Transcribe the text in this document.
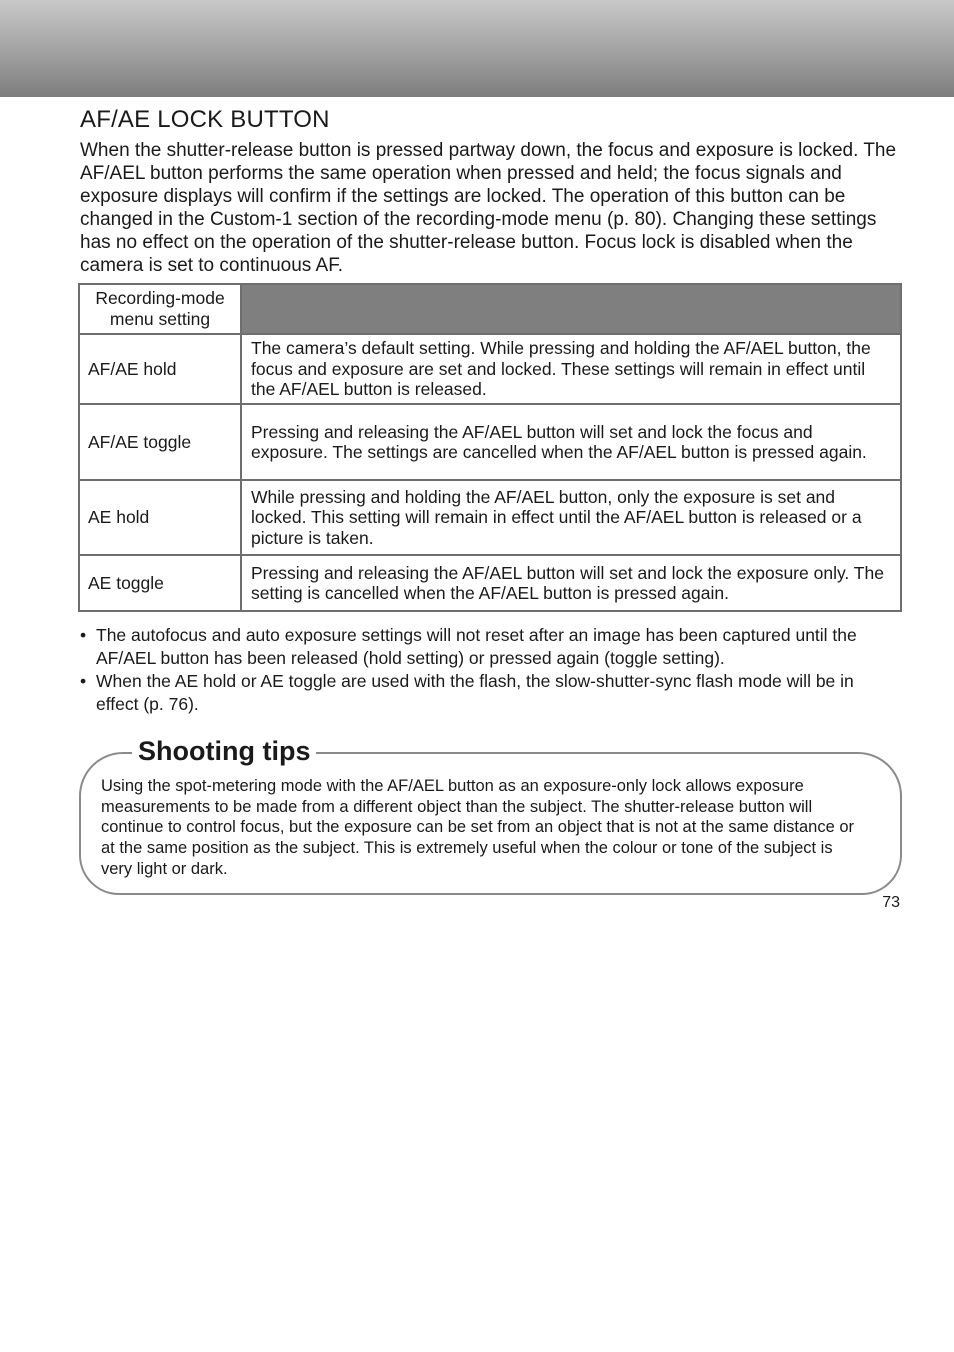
AF/AE LOCK BUTTON

When the shutter-release button is pressed partway down, the focus and exposure is locked. The AF/AEL button performs the same operation when pressed and held; the focus signals and exposure displays will confirm if the settings are locked. The operation of this button can be changed in the Custom-1 section of the recording-mode menu (p. 80). Changing these settings has no effect on the operation of the shutter-release button. Focus lock is disabled when the camera is set to continuous AF.

Recording-mode
menu setting	
AF/AE hold	The camera’s default setting. While pressing and holding the AF/AEL button, the focus and exposure are set and locked. These settings will remain in effect until the AF/AEL button is released.
AF/AE toggle	Pressing and releasing the AF/AEL button will set and lock the focus and exposure. The settings are cancelled when the AF/AEL button is pressed again.
AE hold	While pressing and holding the AF/AEL button, only the exposure is set and locked. This setting will remain in effect until the AF/AEL button is released or a picture is taken.
AE toggle	Pressing and releasing the AF/AEL button will set and lock the exposure only. The setting is cancelled when the AF/AEL button is pressed again.
• The autofocus and auto exposure settings will not reset after an image has been captured until the AF/AEL button has been released (hold setting) or pressed again (toggle setting).
• When the AE hold or AE toggle are used with the flash, the slow-shutter-sync flash mode will be in effect (p. 76).
Shooting tips

Using the spot-metering mode with the AF/AEL button as an exposure-only lock allows exposure measurements to be made from a different object than the subject. The shutter-release button will continue to control focus, but the exposure can be set from an object that is not at the same distance or at the same position as the subject. This is extremely useful when the colour or tone of the subject is very light or dark.

73
